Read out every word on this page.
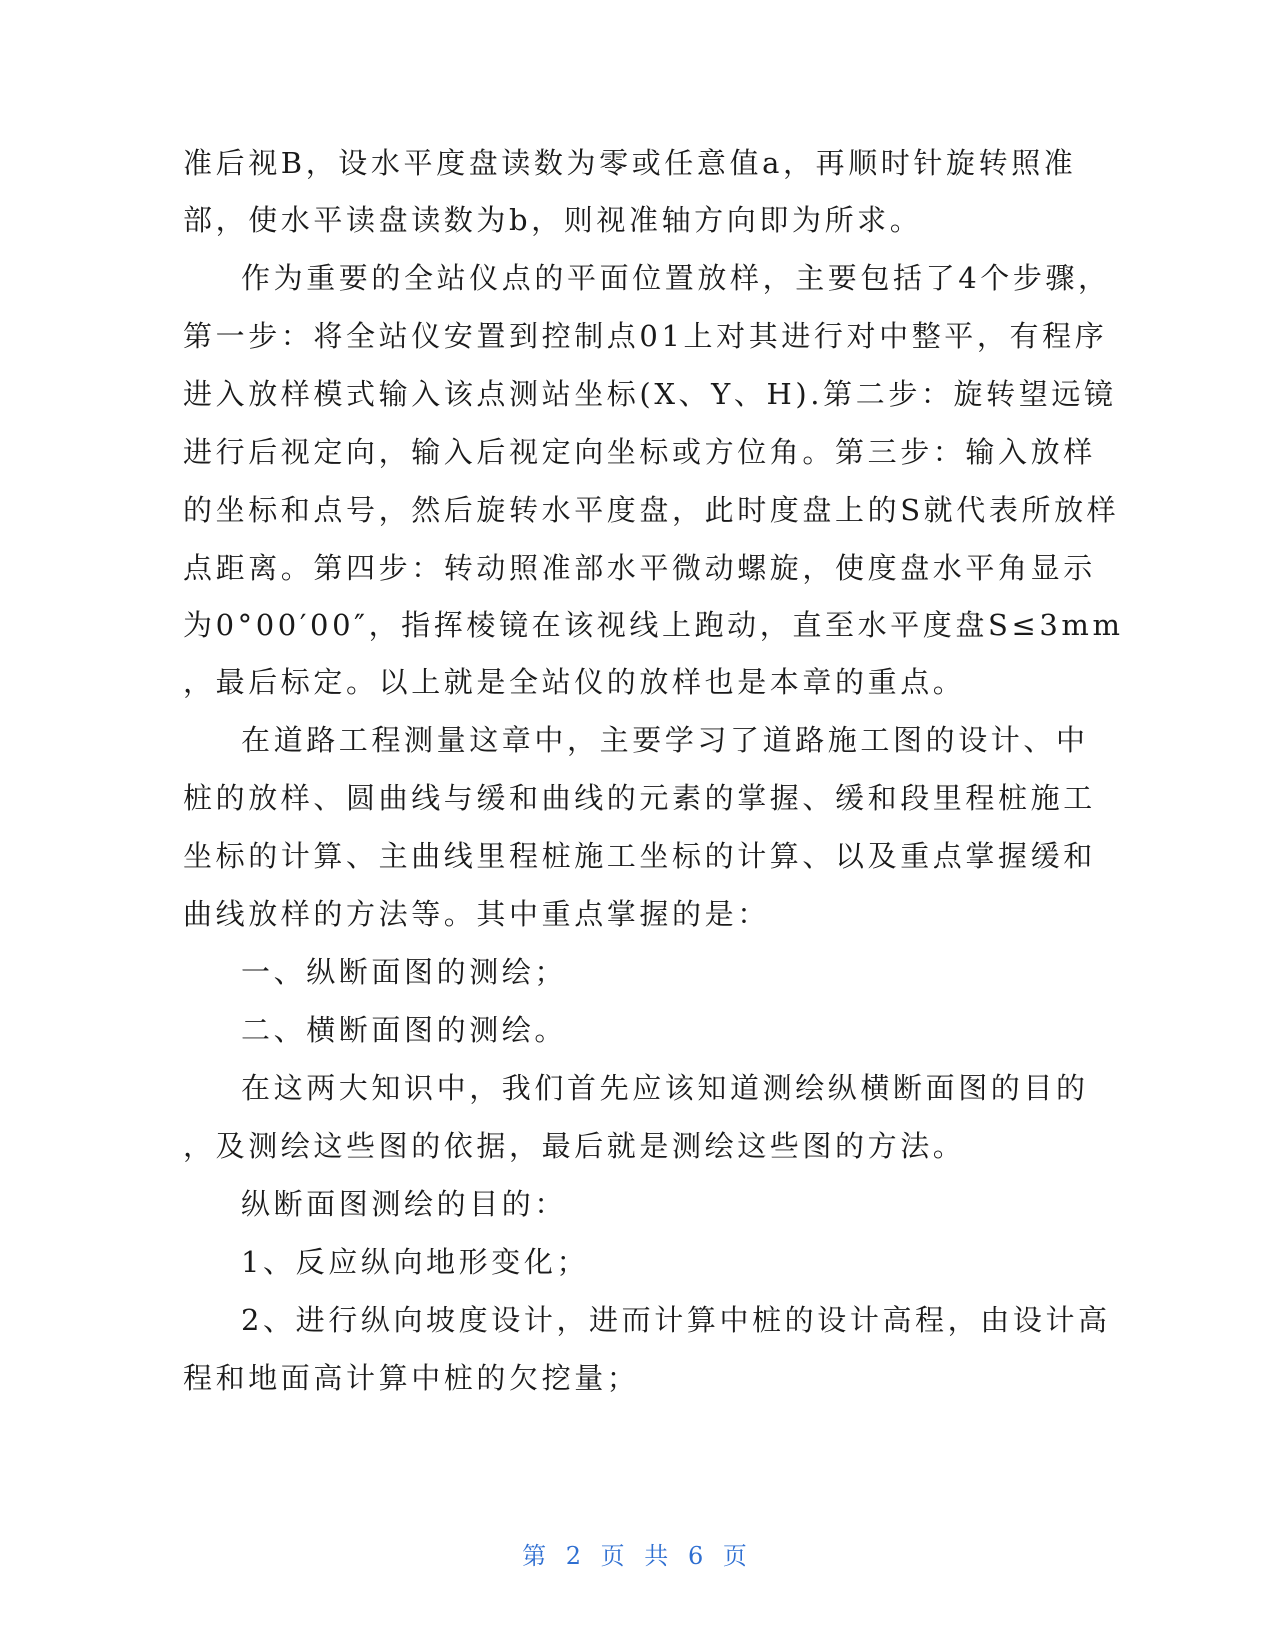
准后视B，设水平度盘读数为零或任意值a，再顺时针旋转照准
部，使水平读盘读数为b，则视准轴方向即为所求。
作为重要的全站仪点的平面位置放样，主要包括了4个步骤，
第一步：将全站仪安置到控制点01上对其进行对中整平，有程序
进入放样模式输入该点测站坐标(X、Y、H).第二步：旋转望远镜
进行后视定向，输入后视定向坐标或方位角。第三步：输入放样
的坐标和点号，然后旋转水平度盘，此时度盘上的S就代表所放样
点距离。第四步：转动照准部水平微动螺旋，使度盘水平角显示
为0°00′00″，指挥棱镜在该视线上跑动，直至水平度盘S≤3mm
，最后标定。以上就是全站仪的放样也是本章的重点。
在道路工程测量这章中，主要学习了道路施工图的设计、中
桩的放样、圆曲线与缓和曲线的元素的掌握、缓和段里程桩施工
坐标的计算、主曲线里程桩施工坐标的计算、以及重点掌握缓和
曲线放样的方法等。其中重点掌握的是：
一、纵断面图的测绘；
二、横断面图的测绘。
在这两大知识中，我们首先应该知道测绘纵横断面图的目的
，及测绘这些图的依据，最后就是测绘这些图的方法。
纵断面图测绘的目的：
1、反应纵向地形变化；
2、进行纵向坡度设计，进而计算中桩的设计高程，由设计高
程和地面高计算中桩的欠挖量；
第 2 页 共 6 页
